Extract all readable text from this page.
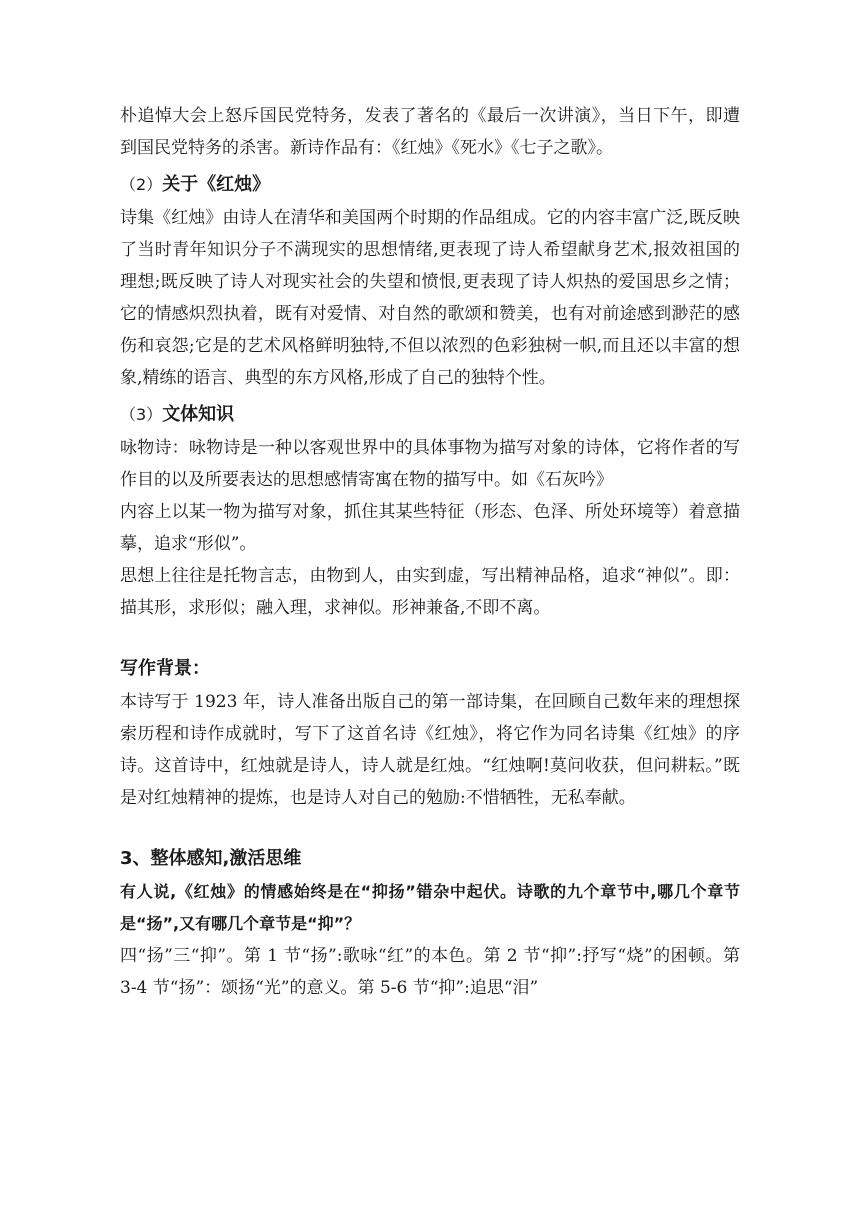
朴追悼大会上怒斥国民党特务，发表了著名的《最后一次讲演》，当日下午，即遭到国民党特务的杀害。新诗作品有：《红烛》《死水》《七子之歌》。

（2）关于《红烛》

诗集《红烛》由诗人在清华和美国两个时期的作品组成。它的内容丰富广泛,既反映了当时青年知识分子不满现实的思想情绪,更表现了诗人希望献身艺术,报效祖国的理想;既反映了诗人对现实社会的失望和愤恨,更表现了诗人炽热的爱国思乡之情；它的情感炽烈执着，既有对爱情、对自然的歌颂和赞美，也有对前途感到渺茫的感伤和哀怨;它是的艺术风格鲜明独特,不但以浓烈的色彩独树一帜,而且还以丰富的想象,精练的语言、典型的东方风格,形成了自己的独特个性。

（3）文体知识

咏物诗：咏物诗是一种以客观世界中的具体事物为描写对象的诗体，它将作者的写作目的以及所要表达的思想感情寄寓在物的描写中。如《石灰吟》

内容上以某一物为描写对象，抓住其某些特征（形态、色泽、所处环境等）着意描摹，追求“形似”。

思想上往往是托物言志，由物到人，由实到虚，写出精神品格，追求“神似”。即：描其形，求形似；融入理，求神似。形神兼备,不即不离。

写作背景：

本诗写于 1923 年，诗人准备出版自己的第一部诗集，在回顾自己数年来的理想探索历程和诗作成就时，写下了这首名诗《红烛》，将它作为同名诗集《红烛》的序诗。这首诗中，红烛就是诗人，诗人就是红烛。“红烛啊!莫问收获，但问耕耘。”既是对红烛精神的提炼，也是诗人对自己的勉励:不惜牺牲，无私奉献。

3、整体感知,激活思维

有人说,《红烛》的情感始终是在“抑扬”错杂中起伏。诗歌的九个章节中,哪几个章节是“扬”,又有哪几个章节是“抑”？

四“扬”三“抑”。第 1 节“扬”:歌咏“红”的本色。第 2 节“抑”:抒写“烧”的困顿。第 3-4 节“扬”：颂扬“光”的意义。第 5-6 节“抑”:追思“泪”
